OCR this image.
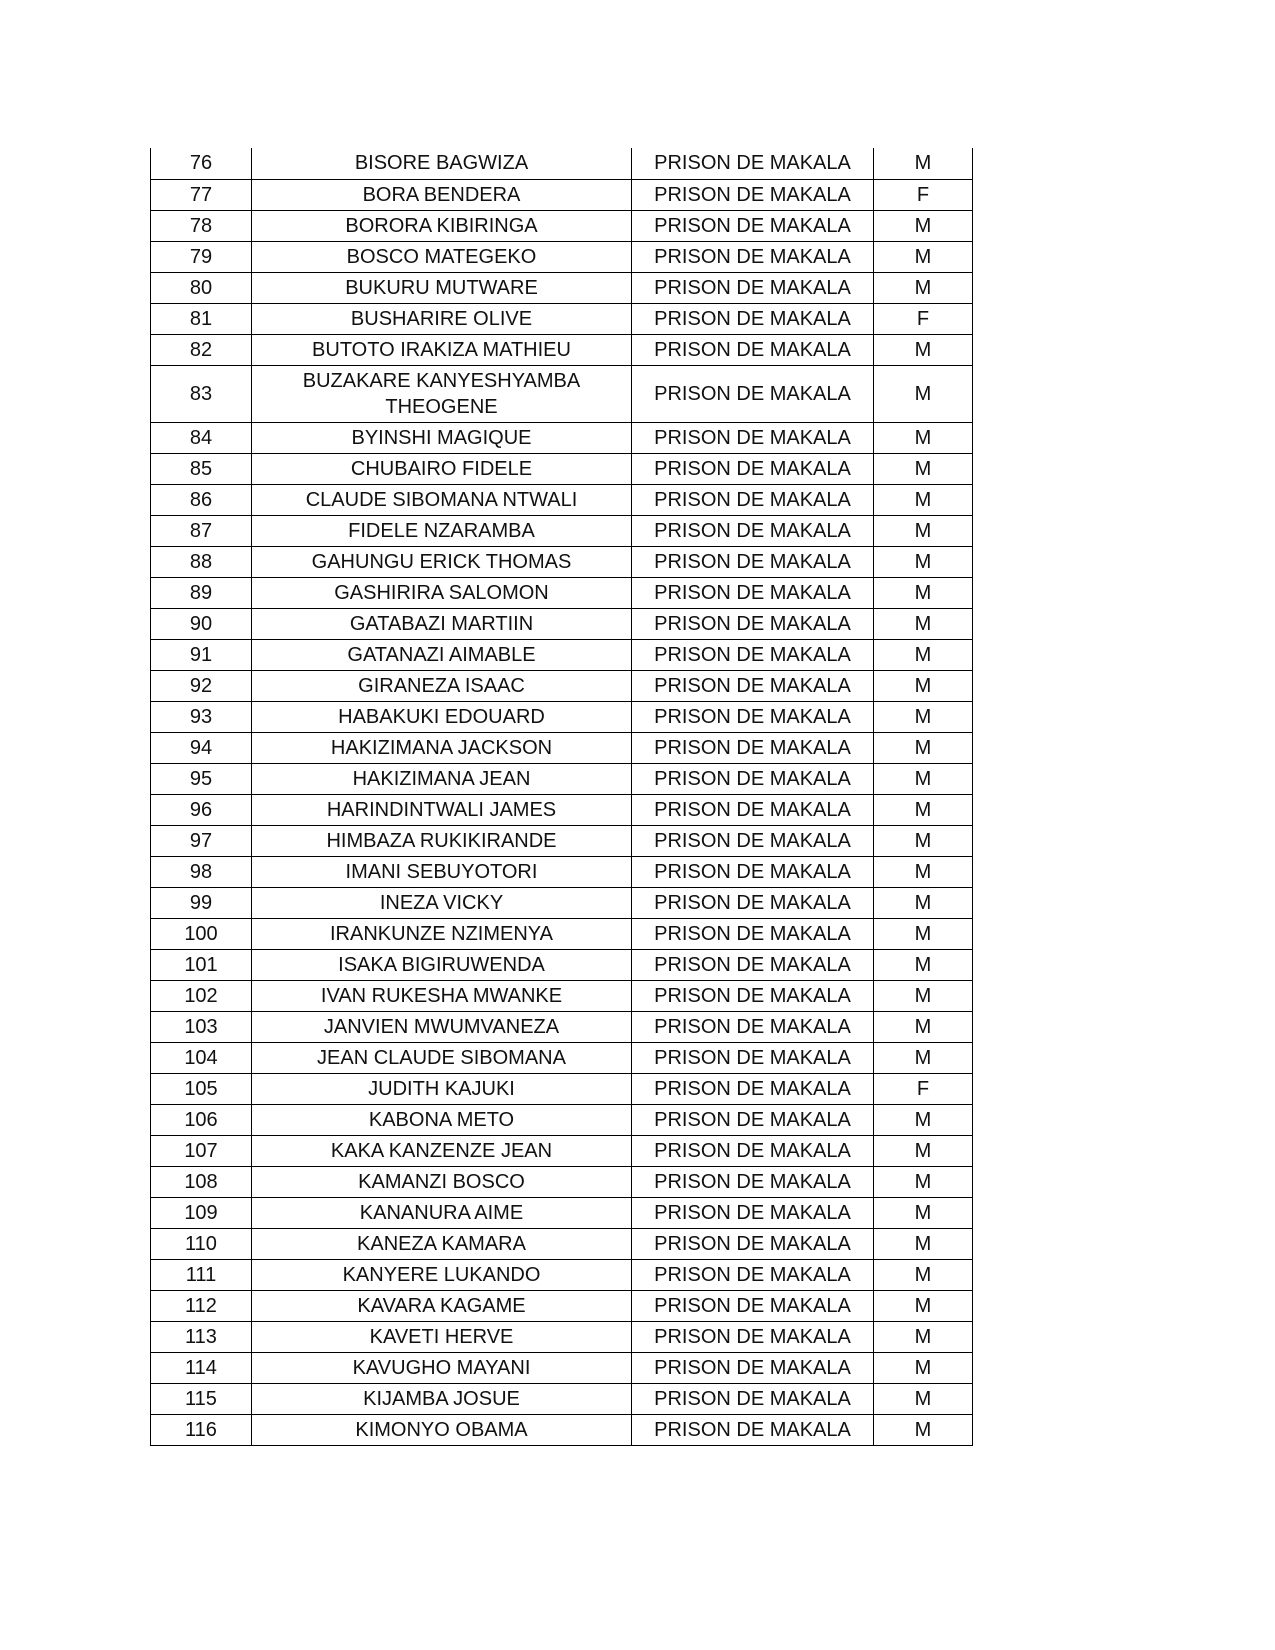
76	BISORE BAGWIZA	PRISON DE MAKALA	M
77	BORA BENDERA	PRISON DE MAKALA	F
78	BORORA KIBIRINGA	PRISON DE MAKALA	M
79	BOSCO MATEGEKO	PRISON DE MAKALA	M
80	BUKURU MUTWARE	PRISON DE MAKALA	M
81	BUSHARIRE OLIVE	PRISON DE MAKALA	F
82	BUTOTO IRAKIZA MATHIEU	PRISON DE MAKALA	M
83	BUZAKARE KANYESHYAMBA THEOGENE	PRISON DE MAKALA	M
84	BYINSHI MAGIQUE	PRISON DE MAKALA	M
85	CHUBAIRO FIDELE	PRISON DE MAKALA	M
86	CLAUDE SIBOMANA NTWALI	PRISON DE MAKALA	M
87	FIDELE NZARAMBA	PRISON DE MAKALA	M
88	GAHUNGU ERICK THOMAS	PRISON DE MAKALA	M
89	GASHIRIRA SALOMON	PRISON DE MAKALA	M
90	GATABAZI MARTIIN	PRISON DE MAKALA	M
91	GATANAZI AIMABLE	PRISON DE MAKALA	M
92	GIRANEZA ISAAC	PRISON DE MAKALA	M
93	HABAKUKI EDOUARD	PRISON DE MAKALA	M
94	HAKIZIMANA JACKSON	PRISON DE MAKALA	M
95	HAKIZIMANA JEAN	PRISON DE MAKALA	M
96	HARINDINTWALI JAMES	PRISON DE MAKALA	M
97	HIMBAZA RUKIKIRANDE	PRISON DE MAKALA	M
98	IMANI SEBUYOTORI	PRISON DE MAKALA	M
99	INEZA VICKY	PRISON DE MAKALA	M
100	IRANKUNZE NZIMENYA	PRISON DE MAKALA	M
101	ISAKA BIGIRUWENDA	PRISON DE MAKALA	M
102	IVAN RUKESHA MWANKE	PRISON DE MAKALA	M
103	JANVIEN MWUMVANEZA	PRISON DE MAKALA	M
104	JEAN CLAUDE SIBOMANA	PRISON DE MAKALA	M
105	JUDITH KAJUKI	PRISON DE MAKALA	F
106	KABONA METO	PRISON DE MAKALA	M
107	KAKA KANZENZE JEAN	PRISON DE MAKALA	M
108	KAMANZI BOSCO	PRISON DE MAKALA	M
109	KANANURA AIME	PRISON DE MAKALA	M
110	KANEZA KAMARA	PRISON DE MAKALA	M
111	KANYERE LUKANDO	PRISON DE MAKALA	M
112	KAVARA KAGAME	PRISON DE MAKALA	M
113	KAVETI HERVE	PRISON DE MAKALA	M
114	KAVUGHO MAYANI	PRISON DE MAKALA	M
115	KIJAMBA JOSUE	PRISON DE MAKALA	M
116	KIMONYO OBAMA	PRISON DE MAKALA	M
